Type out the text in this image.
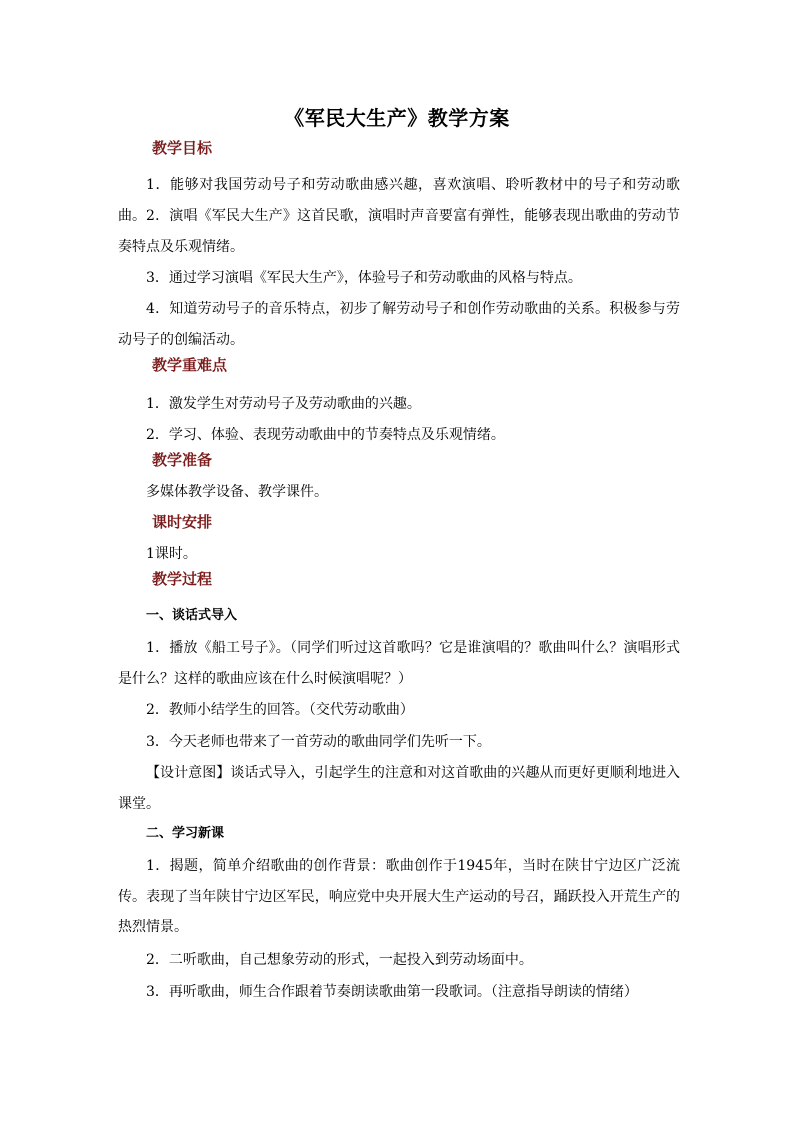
《军民大生产》教学方案
教学目标
1．能够对我国劳动号子和劳动歌曲感兴趣，喜欢演唱、聆听教材中的号子和劳动歌曲。 2．演唱《军民大生产》这首民歌，演唱时声音要富有弹性，能够表现出歌曲的劳动节奏特点及乐观情绪。
3．通过学习演唱《军民大生产》，体验号子和劳动歌曲的风格与特点。
4．知道劳动号子的音乐特点，初步了解劳动号子和创作劳动歌曲的关系。积极参与劳动号子的创编活动。
教学重难点
1．激发学生对劳动号子及劳动歌曲的兴趣。
2．学习、体验、表现劳动歌曲中的节奏特点及乐观情绪。
教学准备
多媒体教学设备、教学课件。
课时安排
1课时。
教学过程
一、谈话式导入
1．播放《船工号子》。（同学们听过这首歌吗？它是谁演唱的？歌曲叫什么？演唱形式是什么？这样的歌曲应该在什么时候演唱呢？）
2．教师小结学生的回答。（交代劳动歌曲）
3．今天老师也带来了一首劳动的歌曲同学们先听一下。
【设计意图】谈话式导入，引起学生的注意和对这首歌曲的兴趣从而更好更顺利地进入课堂。
二、学习新课
1．揭题，简单介绍歌曲的创作背景：歌曲创作于1945年，当时在陕甘宁边区广泛流传。表现了当年陕甘宁边区军民，响应党中央开展大生产运动的号召，踊跃投入开荒生产的热烈情景。
2．二听歌曲，自己想象劳动的形式，一起投入到劳动场面中。
3．再听歌曲，师生合作跟着节奏朗读歌曲第一段歌词。（注意指导朗读的情绪）
